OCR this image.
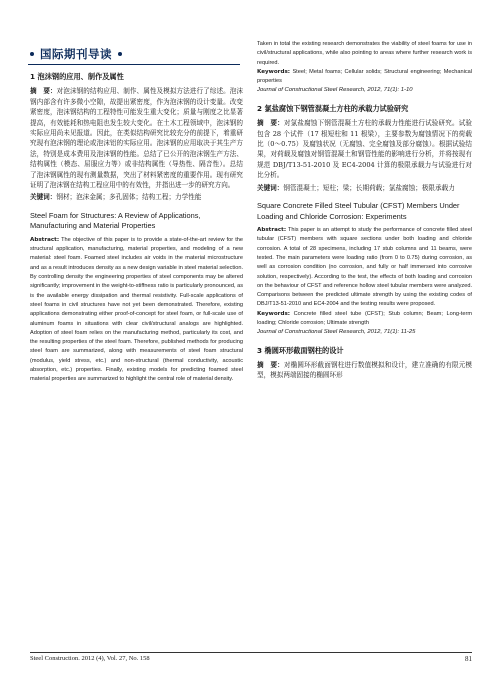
国际期刊导读
1 泡沫钢的应用、制作及属性

摘　要：对泡沫钢的结构应用、制作、属性及模拟方法进行了综述。泡沫钢内部含有许多微小空隙，故提出紧密度，作为泡沫钢的设计变量。改变紧密度，泡沫钢结构的工程特性可能发生重大变化；质量与刚度之比显著提高，有效能耗和热电阻也发生较大变化。在土木工程领域中，泡沫钢的实际应用尚未见报道。因此，在类似结构研究比较充分的前提下，着重研究现有泡沫钢的理论或泡沫铝的实际应用。泡沫钢的应用取决于其生产方法，特别是成本费用及泡沫钢的性能。总结了已公开的泡沫钢生产方法、结构属性（模态、屈服应力等）或非结构属性（导热性、隔音性）。总结了泡沫钢属性的现有测量数据，突出了材料紧密度的重要作用。现有研究证明了泡沫钢在结构工程应用中的有效性，并指出进一步的研究方向。

关键词：钢材；泡沫金属；多孔固体；结构工程；力学性能

Steel Foam for Structures: A Review of Applications, Manufacturing and Material Properties

Abstract: The objective of this paper is to provide a state-of-the-art review for the structural application, manufacturing, material properties, and modeling of a new material: steel foam. Foamed steel includes air voids in the material microstructure and as a result introduces density as a new design variable in steel material selection. By controlling density the engineering properties of steel components may be altered significantly; improvement in the weight-to-stiffness ratio is particularly pronounced, as is the available energy dissipation and thermal resistivity. Full-scale applications of steel foams in civil structures have not yet been demonstrated. Therefore, existing applications demonstrating either proof-of-concept for steel foam, or full-scale use of aluminum foams in situations with clear civil/structural analogs are highlighted. Adoption of steel foam relies on the manufacturing method, particularly its cost, and the resulting properties of the steel foam. Therefore, published methods for producing steel foam are summarized, along with measurements of steel foam structural (modulus, yield stress, etc.) and non-structural (thermal conductivity, acoustic absorption, etc.) properties. Finally, existing models for predicting foamed steel material properties are summarized to highlight the central role of material density.

Taken in total the existing research demonstrates the viability of steel foams for use in civil/structural applications, while also pointing to areas where further research work is required.

Keywords: Steel; Metal foams; Cellular solids; Structural engineering; Mechanical properties

Journal of Constructional Steel Research, 2012, 71(1): 1-10

2 氯盐腐蚀下钢管混凝土方柱的承载力试验研究

摘　要：对氯盐腐蚀下钢管混凝土方柱的承载力性能进行试验研究。试验包含 28 个试件（17 根短柱和 11 根梁），主要参数为腐蚀情况下的荷载比（0～0.75）及腐蚀状况（无腐蚀、完全腐蚀及部分腐蚀）。根据试验结果，对荷载及腐蚀对钢管混凝土和钢管性能的影响进行分析，并将按现有规范 DBJ/T13-51-2010 及 EC4-2004 计算的极限承载力与试验进行对比分析。

关键词：钢管混凝土；短柱；梁；长期荷载；氯盐腐蚀；极限承载力

Square Concrete Filled Steel Tubular (CFST) Members Under Loading and Chloride Corrosion: Experiments

Abstract: This paper is an attempt to study the performance of concrete filled steel tubular (CFST) members with square sections under both loading and chloride corrosion. A total of 28 specimens, including 17 stub columns and 11 beams, were tested. The main parameters were loading ratio (from 0 to 0.75) during corrosion, as well as corrosion condition (no corrosion, and fully or half immersed into corrosive solution, respectively). According to the test, the effects of both loading and corrosion on the behaviour of CFST and reference hollow steel tubular members were analyzed. Comparisons between the predicted ultimate strength by using the existing codes of DBJ/T13-51-2010 and EC4-2004 and the testing results were proposed.

Keywords: Concrete filled steel tube (CFST); Stub column; Beam; Long-term loading; Chloride corrosion; Ultimate strength

Journal of Constructional Steel Research, 2012, 71(1): 11-25

3 椭圆环形截面钢柱的设计

摘　要：对椭圆环形截面钢柱进行数值模拟和设计，建立准确的有限元模型，模拟两端固接的椭圆环形

Steel Construction. 2012 (4), Vol. 27, No. 158	81
